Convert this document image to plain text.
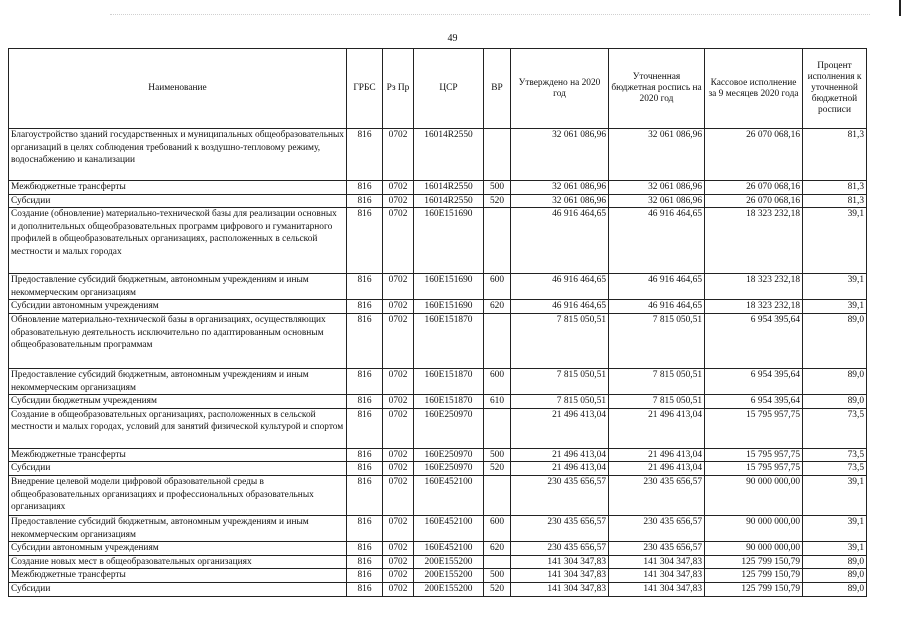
49
Наименование	ГРБС	Рз Пр	ЦСР	ВР	Утверждено на 2020 год	Уточненная бюджетная роспись на 2020 год	Кассовое исполнение за 9 месяцев 2020 года	Процент исполнения к уточненной бюджетной росписи
Благоустройство зданий государственных и муниципальных общеобразовательных организаций в целях соблюдения требований к воздушно-тепловому режиму, водоснабжению и канализации	816	0702	16014R2550		32 061 086,96	32 061 086,96	26 070 068,16	81,3
Межбюджетные трансферты	816	0702	16014R2550	500	32 061 086,96	32 061 086,96	26 070 068,16	81,3
Субсидии	816	0702	16014R2550	520	32 061 086,96	32 061 086,96	26 070 068,16	81,3
Создание (обновление) материально-технической базы для реализации основных и дополнительных общеобразовательных программ цифрового и гуманитарного профилей в общеобразовательных организациях, расположенных в сельской местности и малых городах	816	0702	160E151690		46 916 464,65	46 916 464,65	18 323 232,18	39,1
Предоставление субсидий бюджетным, автономным учреждениям и иным некоммерческим организациям	816	0702	160E151690	600	46 916 464,65	46 916 464,65	18 323 232,18	39,1
Субсидии автономным учреждениям	816	0702	160E151690	620	46 916 464,65	46 916 464,65	18 323 232,18	39,1
Обновление материально-технической базы в организациях, осуществляющих образовательную деятельность исключительно по адаптированным основным общеобразовательным программам	816	0702	160E151870		7 815 050,51	7 815 050,51	6 954 395,64	89,0
Предоставление субсидий бюджетным, автономным учреждениям и иным некоммерческим организациям	816	0702	160E151870	600	7 815 050,51	7 815 050,51	6 954 395,64	89,0
Субсидии бюджетным учреждениям	816	0702	160E151870	610	7 815 050,51	7 815 050,51	6 954 395,64	89,0
Создание в общеобразовательных организациях, расположенных в сельской местности и малых городах, условий для занятий физической культурой и спортом	816	0702	160E250970		21 496 413,04	21 496 413,04	15 795 957,75	73,5
Межбюджетные трансферты	816	0702	160E250970	500	21 496 413,04	21 496 413,04	15 795 957,75	73,5
Субсидии	816	0702	160E250970	520	21 496 413,04	21 496 413,04	15 795 957,75	73,5
Внедрение целевой модели цифровой образовательной среды в общеобразовательных организациях и профессиональных образовательных организациях	816	0702	160E452100		230 435 656,57	230 435 656,57	90 000 000,00	39,1
Предоставление субсидий бюджетным, автономным учреждениям и иным некоммерческим организациям	816	0702	160E452100	600	230 435 656,57	230 435 656,57	90 000 000,00	39,1
Субсидии автономным учреждениям	816	0702	160E452100	620	230 435 656,57	230 435 656,57	90 000 000,00	39,1
Создание новых мест в общеобразовательных организациях	816	0702	200E155200		141 304 347,83	141 304 347,83	125 799 150,79	89,0
Межбюджетные трансферты	816	0702	200E155200	500	141 304 347,83	141 304 347,83	125 799 150,79	89,0
Субсидии	816	0702	200E155200	520	141 304 347,83	141 304 347,83	125 799 150,79	89,0
